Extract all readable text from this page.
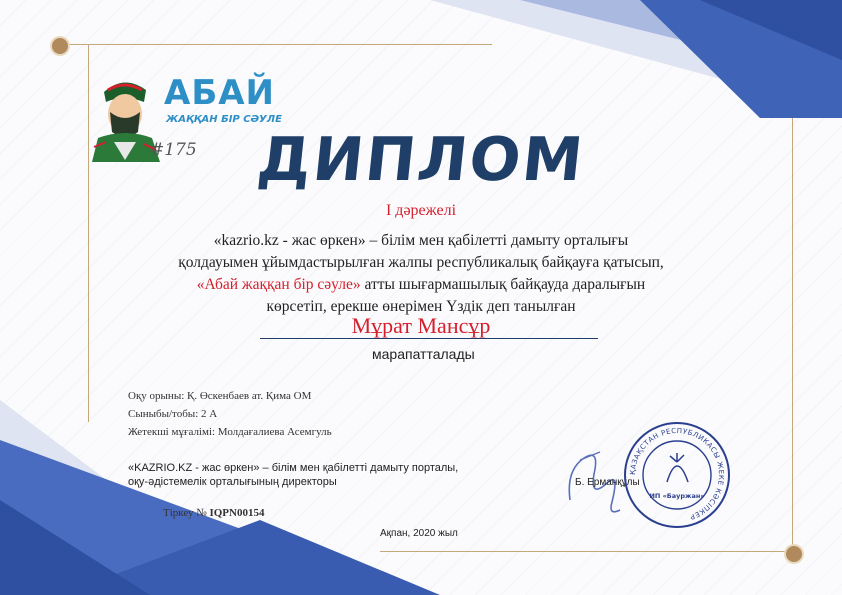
АБАЙ
ЖАҚҚАН БІР СӘУЛЕ
#175 ДИПЛОМ
I дәрежелі
«kazrio.kz - жас өркен» – білім мен қабілетті дамыту орталығы
қолдауымен ұйымдастырылған жалпы республикалық байқауға қатысып,
«Абай жаққан бір сәуле» атты шығармашылық байқауда даралығын
көрсетіп, ерекше өнерімен Үздік деп танылған
Мұрат Мансұр
марапатталады
Оқу орыны: Қ. Өскенбаев ат. Қима ОМ
Сыныбы/тобы: 2 А
Жетекші мұғалімі: Молдағалиева Асемгуль
«KAZRIO.KZ - жас өркен» – білім мен қабілетті дамыту порталы,
оқу-әдістемелік орталығының директоры
Тіркеу № IQPN00154
Ақпан, 2020 жыл
Б. Ерманқұлы
ҚАЗАҚСТАН РЕСПУБЛИКАСЫ ЖЕКЕ КӘСІПКЕР
ИП «Бауржан»
